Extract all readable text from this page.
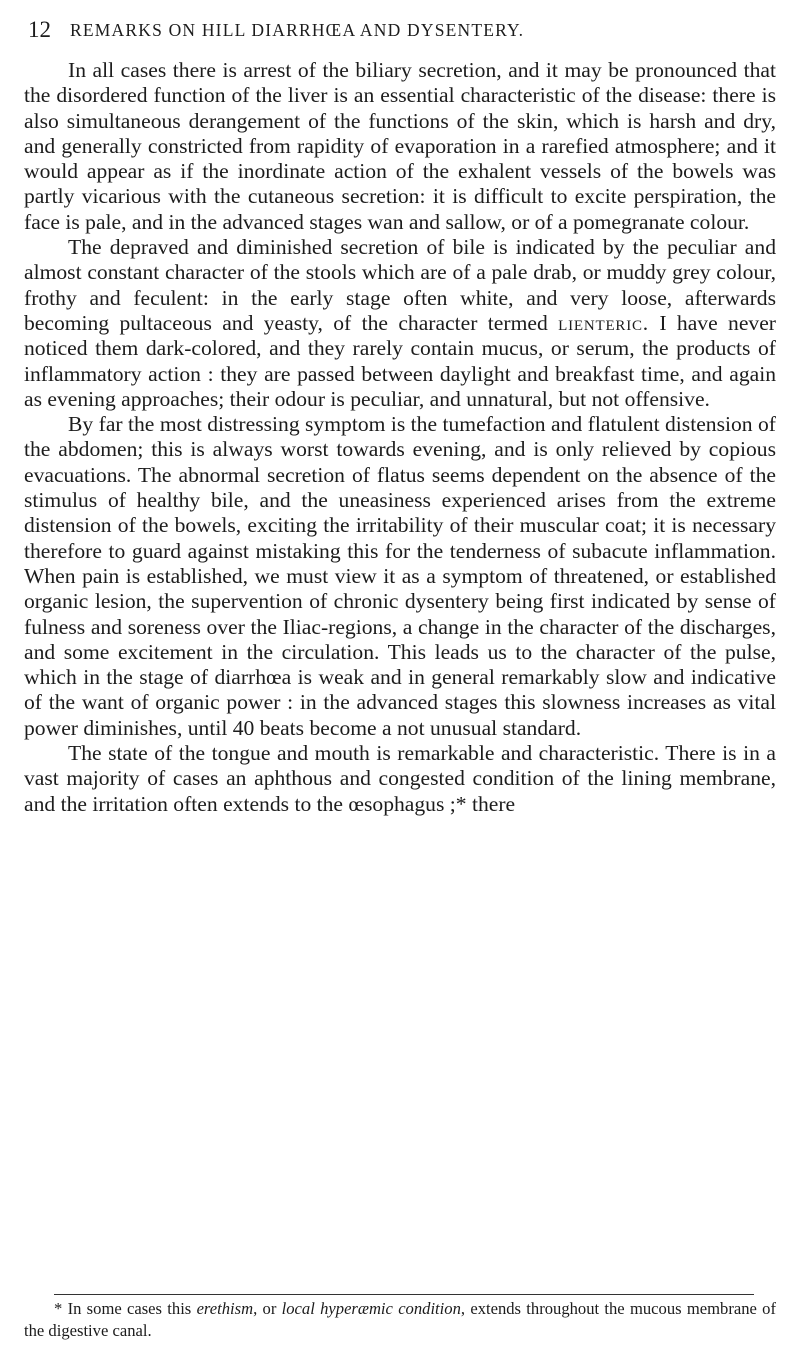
12 REMARKS ON HILL DIARRHŒA AND DYSENTERY.

In all cases there is arrest of the biliary secretion, and it may be pronounced that the disordered function of the liver is an essential characteristic of the disease: there is also simultaneous derangement of the functions of the skin, which is harsh and dry, and generally constricted from rapidity of evaporation in a rarefied atmosphere; and it would appear as if the inordinate action of the exhalent vessels of the bowels was partly vicarious with the cutaneous secretion: it is difficult to excite perspiration, the face is pale, and in the advanced stages wan and sallow, or of a pomegranate colour.

The depraved and diminished secretion of bile is indicated by the peculiar and almost constant character of the stools which are of a pale drab, or muddy grey colour, frothy and feculent: in the early stage often white, and very loose, afterwards becoming pultaceous and yeasty, of the character termed lienteric. I have never noticed them dark-colored, and they rarely contain mucus, or serum, the products of inflammatory action : they are passed between daylight and breakfast time, and again as evening approaches; their odour is peculiar, and unnatural, but not offensive.

By far the most distressing symptom is the tumefaction and flatulent distension of the abdomen; this is always worst towards evening, and is only relieved by copious evacuations. The abnormal secretion of flatus seems dependent on the absence of the stimulus of healthy bile, and the uneasiness experienced arises from the extreme distension of the bowels, exciting the irritability of their muscular coat; it is necessary therefore to guard against mistaking this for the tenderness of subacute inflammation. When pain is established, we must view it as a symptom of threatened, or established organic lesion, the supervention of chronic dysentery being first indicated by sense of fulness and soreness over the Iliac-regions, a change in the character of the discharges, and some excitement in the circulation. This leads us to the character of the pulse, which in the stage of diarrhœa is weak and in general remarkably slow and indicative of the want of organic power : in the advanced stages this slowness increases as vital power diminishes, until 40 beats become a not unusual standard.

The state of the tongue and mouth is remarkable and characteristic. There is in a vast majority of cases an aphthous and congested condition of the lining membrane, and the irritation often extends to the œsophagus ;* there

* In some cases this erethism, or local hyperæmic condition, extends throughout the mucous membrane of the digestive canal.
